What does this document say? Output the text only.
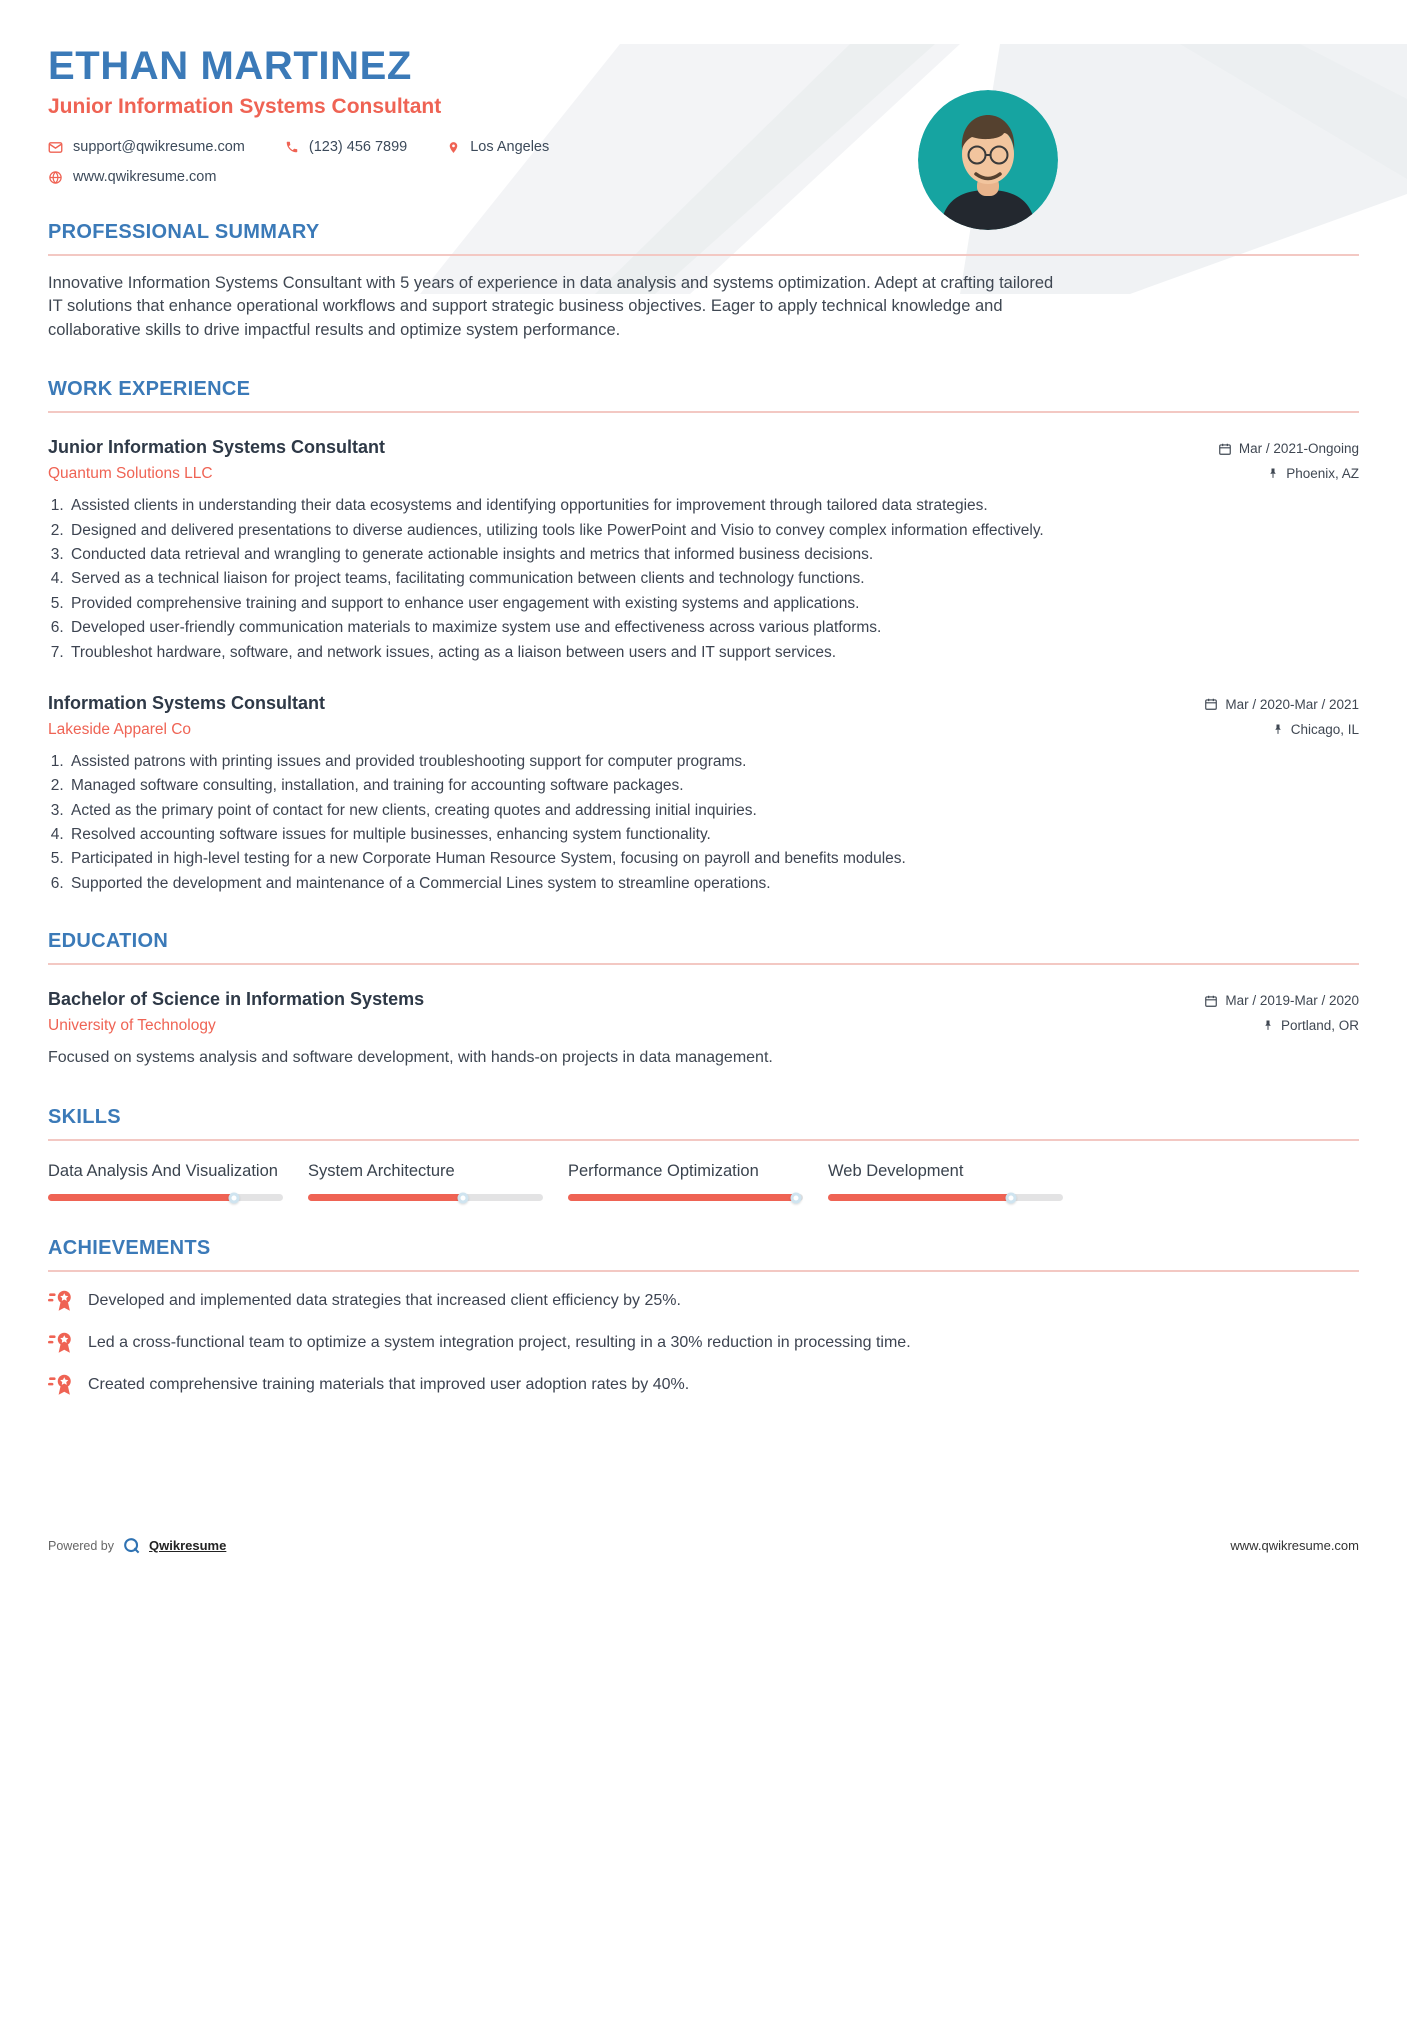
ETHAN MARTINEZ
Junior Information Systems Consultant
support@qwikresume.com	(123) 456 7899	Los Angeles
www.qwikresume.com
PROFESSIONAL SUMMARY

Innovative Information Systems Consultant with 5 years of experience in data analysis and systems optimization. Adept at crafting tailored IT solutions that enhance operational workflows and support strategic business objectives. Eager to apply technical knowledge and collaborative skills to drive impactful results and optimize system performance.

WORK EXPERIENCE
Junior Information Systems Consultant
Quantum Solutions LLC
Mar / 2021-Ongoing
Phoenix, AZ
1. Assisted clients in understanding their data ecosystems and identifying opportunities for improvement through tailored data strategies.
2. Designed and delivered presentations to diverse audiences, utilizing tools like PowerPoint and Visio to convey complex information effectively.
3. Conducted data retrieval and wrangling to generate actionable insights and metrics that informed business decisions.
4. Served as a technical liaison for project teams, facilitating communication between clients and technology functions.
5. Provided comprehensive training and support to enhance user engagement with existing systems and applications.
6. Developed user-friendly communication materials to maximize system use and effectiveness across various platforms.
7. Troubleshot hardware, software, and network issues, acting as a liaison between users and IT support services.
Information Systems Consultant
Lakeside Apparel Co
Mar / 2020-Mar / 2021
Chicago, IL
1. Assisted patrons with printing issues and provided troubleshooting support for computer programs.
2. Managed software consulting, installation, and training for accounting software packages.
3. Acted as the primary point of contact for new clients, creating quotes and addressing initial inquiries.
4. Resolved accounting software issues for multiple businesses, enhancing system functionality.
5. Participated in high-level testing for a new Corporate Human Resource System, focusing on payroll and benefits modules.
6. Supported the development and maintenance of a Commercial Lines system to streamline operations.
EDUCATION
Bachelor of Science in Information Systems
University of Technology
Mar / 2019-Mar / 2020
Portland, OR

Focused on systems analysis and software development, with hands-on projects in data management.

SKILLS
Data Analysis And Visualization	System Architecture	Performance Optimization	Web Development
ACHIEVEMENTS
Developed and implemented data strategies that increased client efficiency by 25%.
Led a cross-functional team to optimize a system integration project, resulting in a 30% reduction in processing time.
Created comprehensive training materials that improved user adoption rates by 40%.
Powered by	Qwikresume	www.qwikresume.com
